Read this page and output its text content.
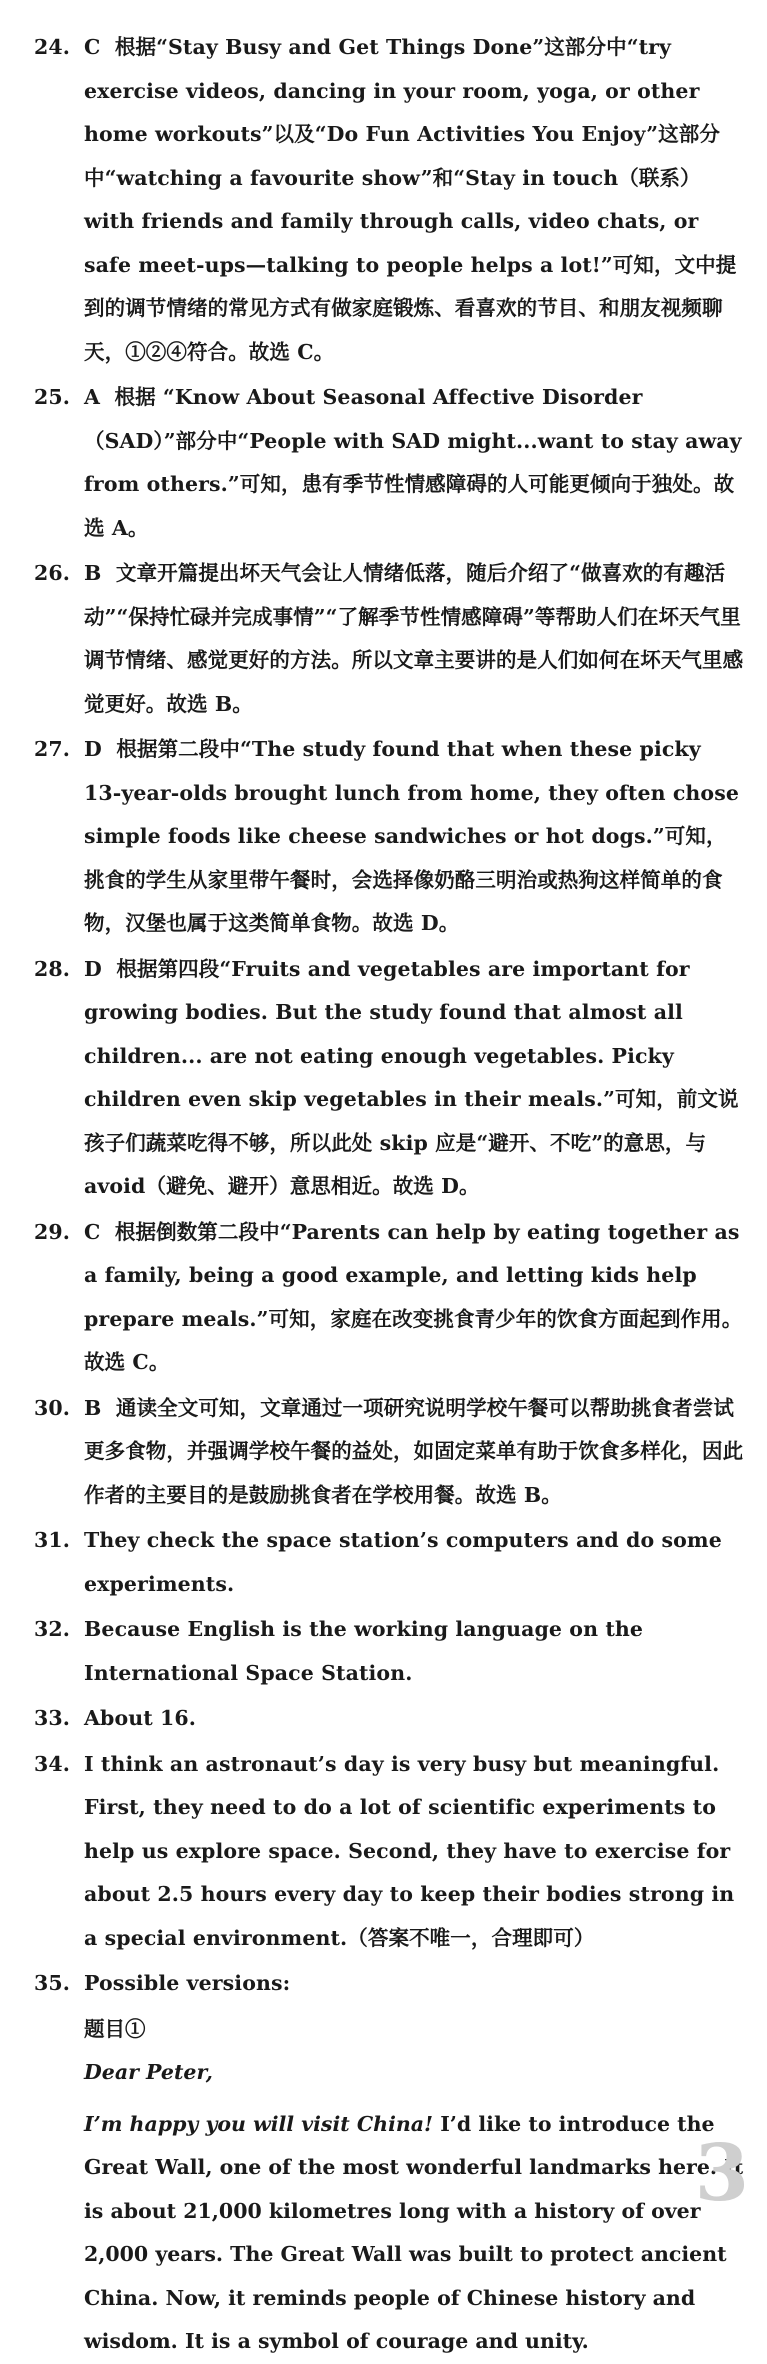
24. C 根据“Stay Busy and Get Things Done”这部分中“try exercise videos, dancing in your room, yoga, or other home workouts”以及“Do Fun Activities You Enjoy”这部分中“watching a favourite show”和“Stay in touch（联系）with friends and family through calls, video chats, or safe meet-ups—talking to people helps a lot!”可知，文中提到的调节情绪的常见方式有做家庭锻炼、看喜欢的节目、和朋友视频聊天，①②④符合。故选 C。
25. A 根据 “Know About Seasonal Affective Disorder（SAD）”部分中“People with SAD might...want to stay away from others.”可知，患有季节性情感障碍的人可能更倾向于独处。故选 A。
26. B 文章开篇提出坏天气会让人情绪低落，随后介绍了“做喜欢的有趣活动”“保持忙碌并完成事情”“了解季节性情感障碍”等帮助人们在坏天气里调节情绪、感觉更好的方法。所以文章主要讲的是人们如何在坏天气里感觉更好。故选 B。
27. D 根据第二段中“The study found that when these picky 13-year-olds brought lunch from home, they often chose simple foods like cheese sandwiches or hot dogs.”可知，挑食的学生从家里带午餐时，会选择像奶酪三明治或热狗这样简单的食物，汉堡也属于这类简单食物。故选 D。
28. D 根据第四段“Fruits and vegetables are important for growing bodies. But the study found that almost all children... are not eating enough vegetables. Picky children even skip vegetables in their meals.”可知，前文说孩子们蔬菜吃得不够，所以此处 skip 应是“避开、不吃”的意思，与 avoid（避免、避开）意思相近。故选 D。
29. C 根据倒数第二段中“Parents can help by eating together as a family, being a good example, and letting kids help prepare meals.”可知，家庭在改变挑食青少年的饮食方面起到作用。故选 C。
30. B 通读全文可知，文章通过一项研究说明学校午餐可以帮助挑食者尝试更多食物，并强调学校午餐的益处，如固定菜单有助于饮食多样化，因此作者的主要目的是鼓励挑食者在学校用餐。故选 B。
31. They check the space station’s computers and do some experiments.
32. Because English is the working language on the International Space Station.
33. About 16.
34. I think an astronaut’s day is very busy but meaningful. First, they need to do a lot of scientific experiments to help us explore space. Second, they have to exercise for about 2.5 hours every day to keep their bodies strong in a special environment.（答案不唯一，合理即可）
35. Possible versions:
题目①
Dear Peter,
I’m happy you will visit China! I’d like to introduce the Great Wall, one of the most wonderful landmarks here. It is about 21,000 kilometres long with a history of over 2,000 years. The Great Wall was built to protect ancient China. Now, it reminds people of Chinese history and wisdom. It is a symbol of courage and unity.
3
